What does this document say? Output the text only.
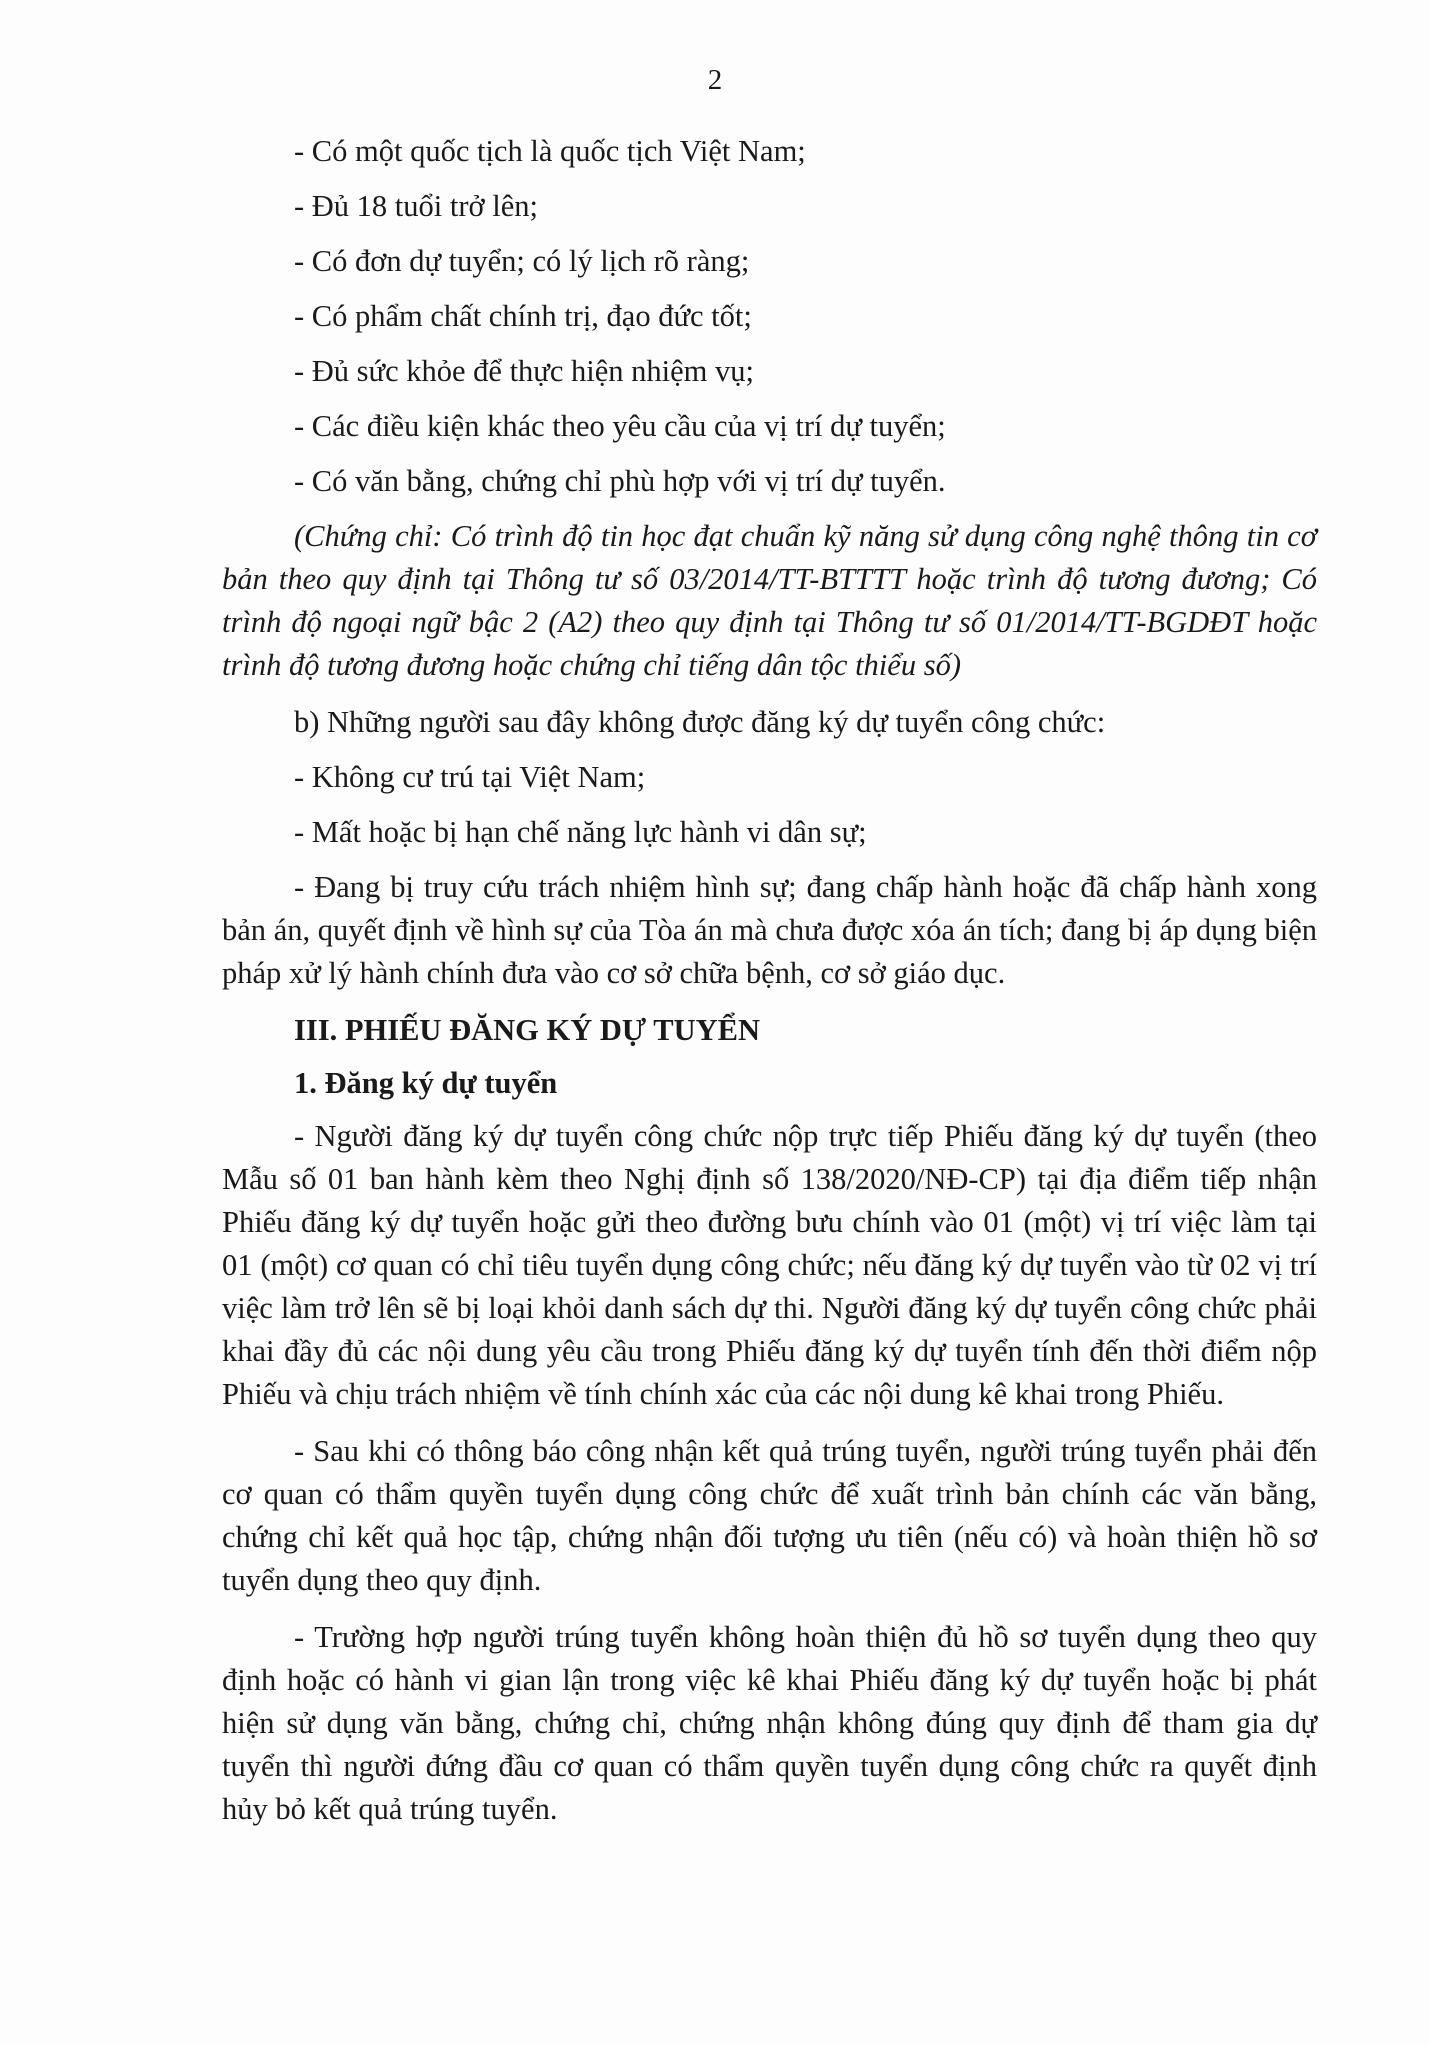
2

- Có một quốc tịch là quốc tịch Việt Nam;

- Đủ 18 tuổi trở lên;

- Có đơn dự tuyển; có lý lịch rõ ràng;

- Có phẩm chất chính trị, đạo đức tốt;

- Đủ sức khỏe để thực hiện nhiệm vụ;

- Các điều kiện khác theo yêu cầu của vị trí dự tuyển;

- Có văn bằng, chứng chỉ phù hợp với vị trí dự tuyển.

(Chứng chỉ: Có trình độ tin học đạt chuẩn kỹ năng sử dụng công nghệ thông tin cơ bản theo quy định tại Thông tư số 03/2014/TT-BTTTT hoặc trình độ tương đương; Có trình độ ngoại ngữ bậc 2 (A2) theo quy định tại Thông tư số 01/2014/TT-BGDĐT hoặc trình độ tương đương hoặc chứng chỉ tiếng dân tộc thiểu số)

b) Những người sau đây không được đăng ký dự tuyển công chức:

- Không cư trú tại Việt Nam;

- Mất hoặc bị hạn chế năng lực hành vi dân sự;

- Đang bị truy cứu trách nhiệm hình sự; đang chấp hành hoặc đã chấp hành xong bản án, quyết định về hình sự của Tòa án mà chưa được xóa án tích; đang bị áp dụng biện pháp xử lý hành chính đưa vào cơ sở chữa bệnh, cơ sở giáo dục.

III. PHIẾU ĐĂNG KÝ DỰ TUYỂN

1. Đăng ký dự tuyển

- Người đăng ký dự tuyển công chức nộp trực tiếp Phiếu đăng ký dự tuyển (theo Mẫu số 01 ban hành kèm theo Nghị định số 138/2020/NĐ-CP) tại địa điểm tiếp nhận Phiếu đăng ký dự tuyển hoặc gửi theo đường bưu chính vào 01 (một) vị trí việc làm tại 01 (một) cơ quan có chỉ tiêu tuyển dụng công chức; nếu đăng ký dự tuyển vào từ 02 vị trí việc làm trở lên sẽ bị loại khỏi danh sách dự thi. Người đăng ký dự tuyển công chức phải khai đầy đủ các nội dung yêu cầu trong Phiếu đăng ký dự tuyển tính đến thời điểm nộp Phiếu và chịu trách nhiệm về tính chính xác của các nội dung kê khai trong Phiếu.

- Sau khi có thông báo công nhận kết quả trúng tuyển, người trúng tuyển phải đến cơ quan có thẩm quyền tuyển dụng công chức để xuất trình bản chính các văn bằng, chứng chỉ kết quả học tập, chứng nhận đối tượng ưu tiên (nếu có) và hoàn thiện hồ sơ tuyển dụng theo quy định.

- Trường hợp người trúng tuyển không hoàn thiện đủ hồ sơ tuyển dụng theo quy định hoặc có hành vi gian lận trong việc kê khai Phiếu đăng ký dự tuyển hoặc bị phát hiện sử dụng văn bằng, chứng chỉ, chứng nhận không đúng quy định để tham gia dự tuyển thì người đứng đầu cơ quan có thẩm quyền tuyển dụng công chức ra quyết định hủy bỏ kết quả trúng tuyển.
